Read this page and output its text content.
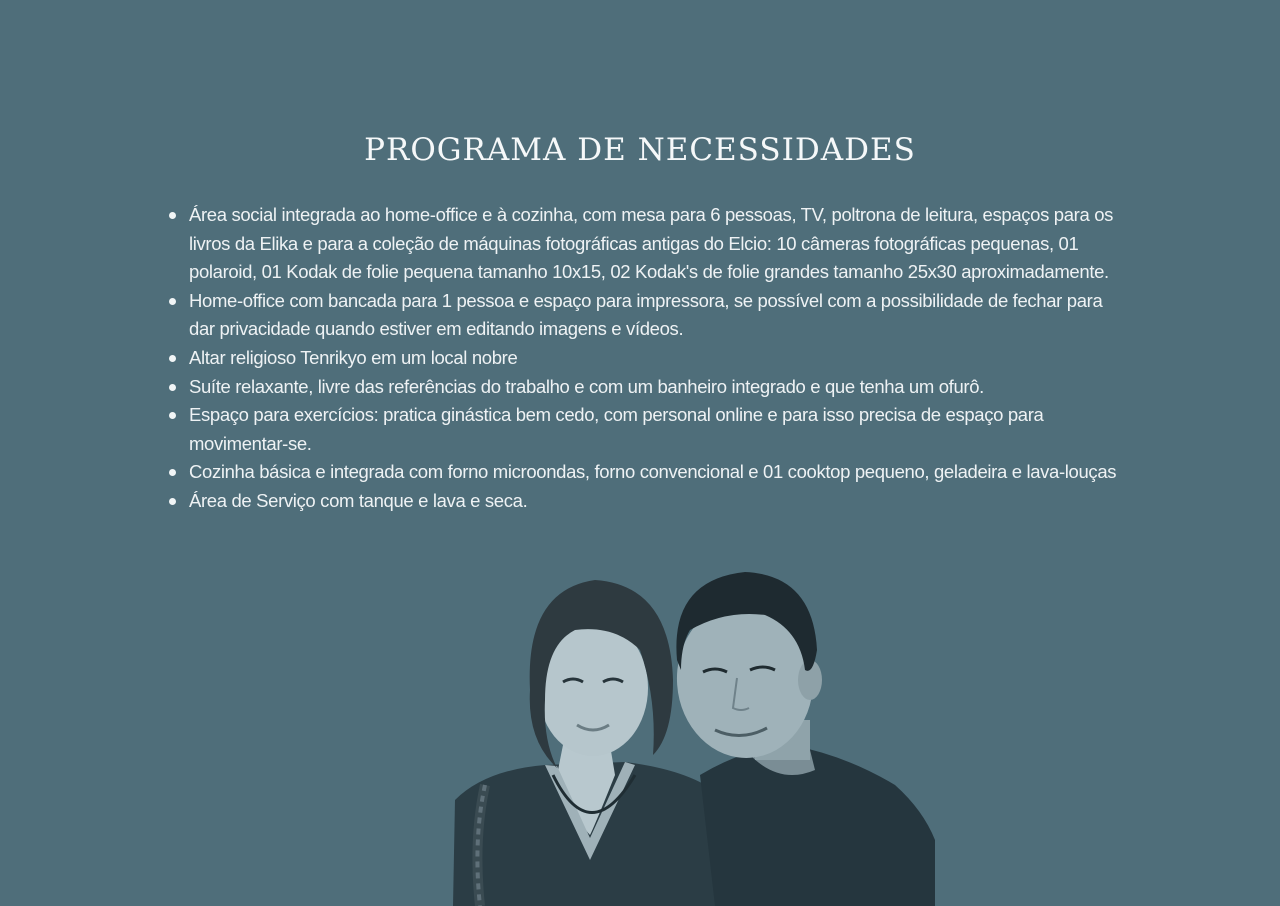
PROGRAMA DE NECESSIDADES
Área social integrada ao home-office e à cozinha, com mesa para 6 pessoas, TV, poltrona de leitura, espaços para os livros da Elika e para a coleção de máquinas fotográficas antigas do Elcio: 10 câmeras fotográficas pequenas, 01 polaroid, 01 Kodak de folie pequena tamanho 10x15, 02 Kodak's de folie grandes tamanho 25x30 aproximadamente.
Home-office com bancada para 1 pessoa e espaço para impressora, se possível com a possibilidade de fechar para dar privacidade quando estiver em editando imagens e vídeos.
Altar religioso Tenrikyo em um local nobre
Suíte relaxante, livre das referências do trabalho e com um banheiro integrado e que tenha um ofurô.
Espaço para exercícios: pratica ginástica bem cedo, com personal online e para isso precisa de espaço para movimentar-se.
Cozinha básica e integrada com forno microondas, forno convencional e 01 cooktop pequeno, geladeira e lava-louças
Área de Serviço com tanque e lava e seca.
